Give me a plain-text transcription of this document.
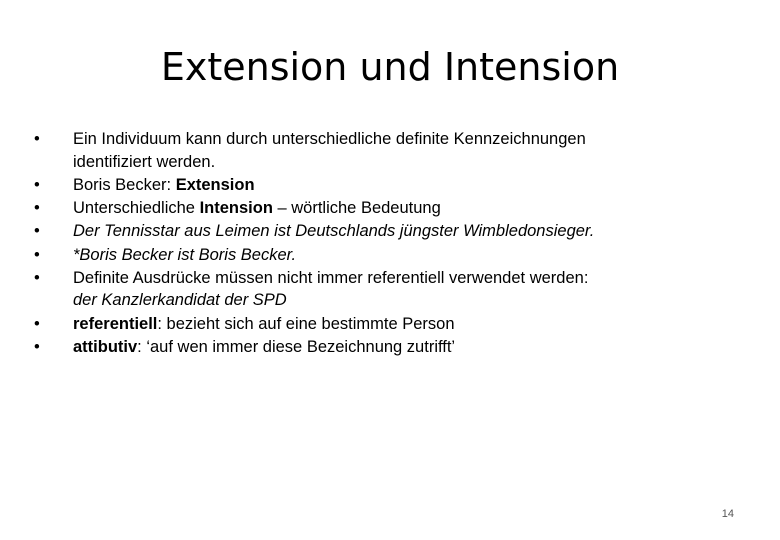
Extension und Intension
•	Ein Individuum kann durch unterschiedliche definite Kennzeichnungen
identifiziert werden.
•	Boris Becker: Extension
•	Unterschiedliche Intension – wörtliche Bedeutung
•	Der Tennisstar aus Leimen ist Deutschlands jüngster Wimbledonsieger.
•	*Boris Becker ist Boris Becker.
•	Definite Ausdrücke müssen nicht immer referentiell verwendet werden:
der Kanzlerkandidat der SPD
•	referentiell: bezieht sich auf eine bestimmte Person
•	attibutiv: ‘auf wen immer diese Bezeichnung zutrifft’
14
